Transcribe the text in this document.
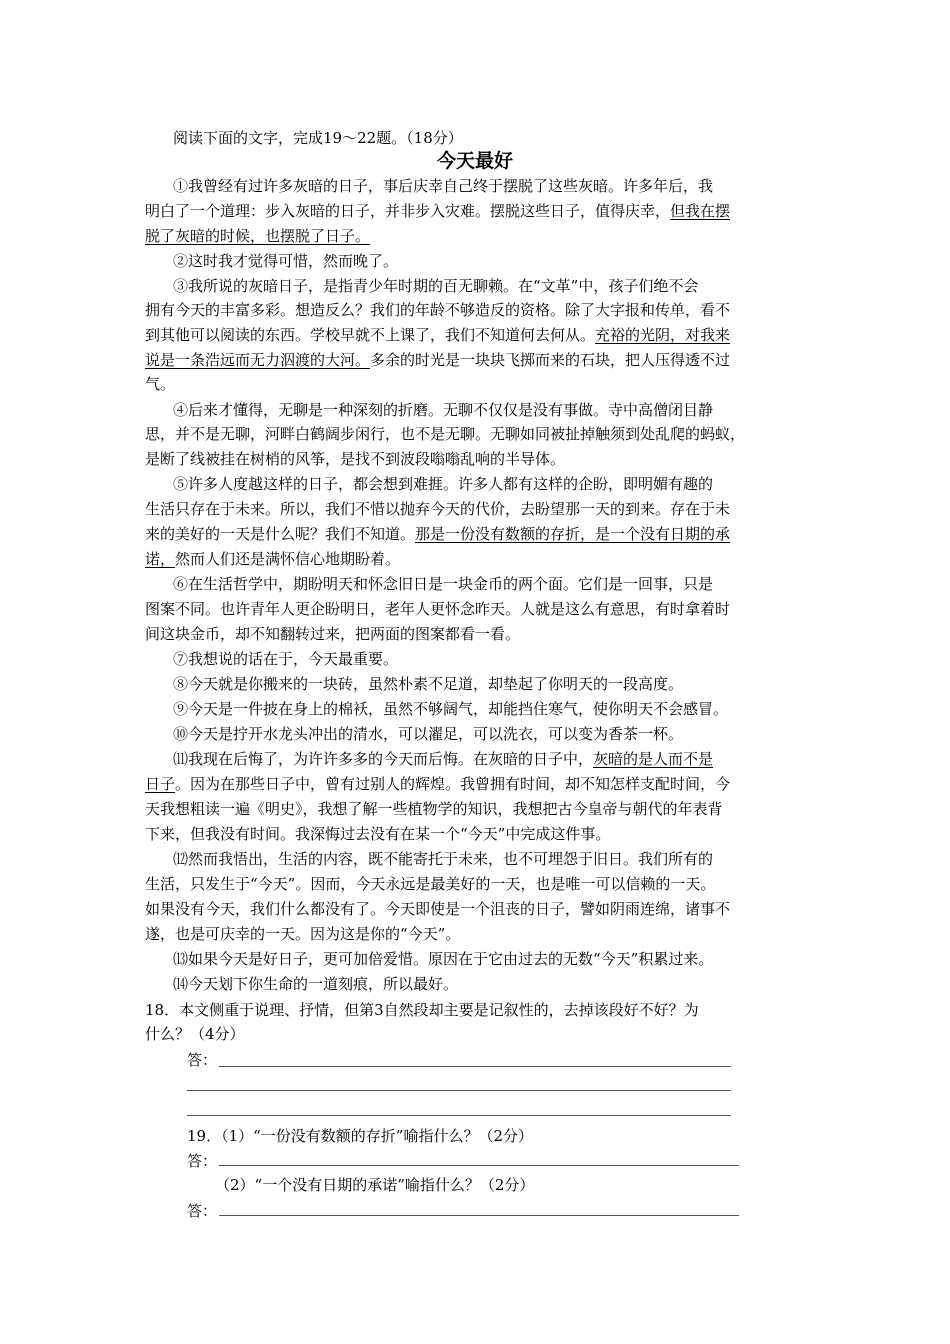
阅读下面的文字，完成19～22题。（18分）
今天最好
①我曾经有过许多灰暗的日子，事后庆幸自己终于摆脱了这些灰暗。许多年后，我
明白了一个道理：步入灰暗的日子，并非步入灾难。摆脱这些日子，值得庆幸，但我在摆
脱了灰暗的时候，也摆脱了日子。
②这时我才觉得可惜，然而晚了。
③我所说的灰暗日子，是指青少年时期的百无聊赖。在“文革”中，孩子们绝不会
拥有今天的丰富多彩。想造反么？我们的年龄不够造反的资格。除了大字报和传单，看不
到其他可以阅读的东西。学校早就不上课了，我们不知道何去何从。充裕的光阴，对我来
说是一条浩远而无力泅渡的大河。多余的时光是一块块飞掷而来的石块，把人压得透不过
气。
④后来才懂得，无聊是一种深刻的折磨。无聊不仅仅是没有事做。寺中高僧闭目静
思，并不是无聊，河畔白鹤阔步闲行，也不是无聊。无聊如同被扯掉触须到处乱爬的蚂蚁，
是断了线被挂在树梢的风筝，是找不到波段嗡嗡乱响的半导体。
⑤许多人度越这样的日子，都会想到难捱。许多人都有这样的企盼，即明媚有趣的
生活只存在于未来。所以，我们不惜以抛弃今天的代价，去盼望那一天的到来。存在于未
来的美好的一天是什么呢？我们不知道。那是一份没有数额的存折，是一个没有日期的承
诺，然而人们还是满怀信心地期盼着。
⑥在生活哲学中，期盼明天和怀念旧日是一块金币的两个面。它们是一回事，只是
图案不同。也许青年人更企盼明日，老年人更怀念昨天。人就是这么有意思，有时拿着时
间这块金币，却不知翻转过来，把两面的图案都看一看。
⑦我想说的话在于，今天最重要。
⑧今天就是你搬来的一块砖，虽然朴素不足道，却垫起了你明天的一段高度。
⑨今天是一件披在身上的棉袄，虽然不够阔气，却能挡住寒气，使你明天不会感冒。
⑩今天是拧开水龙头冲出的清水，可以濯足，可以洗衣，可以变为香茶一杯。
⑾我现在后悔了，为许许多多的今天而后悔。在灰暗的日子中，灰暗的是人而不是
日子。因为在那些日子中，曾有过别人的辉煌。我曾拥有时间，却不知怎样支配时间，今
天我想粗读一遍《明史》，我想了解一些植物学的知识，我想把古今皇帝与朝代的年表背
下来，但我没有时间。我深悔过去没有在某一个“今天”中完成这件事。
⑿然而我悟出，生活的内容，既不能寄托于未来，也不可埋怨于旧日。我们所有的
生活，只发生于“今天”。因而，今天永远是最美好的一天，也是唯一可以信赖的一天。
如果没有今天，我们什么都没有了。今天即使是一个沮丧的日子，譬如阴雨连绵，诸事不
遂，也是可庆幸的一天。因为这是你的“今天”。
⒀如果今天是好日子，更可加倍爱惜。原因在于它由过去的无数“今天”积累过来。
⒁今天划下你生命的一道刻痕，所以最好。
18．本文侧重于说理、抒情，但第3自然段却主要是记叙性的，去掉该段好不好？为
什么？（4分）
答：
19．（1）“一份没有数额的存折”喻指什么？（2分）
答：
（2）“一个没有日期的承诺”喻指什么？（2分）
答：
